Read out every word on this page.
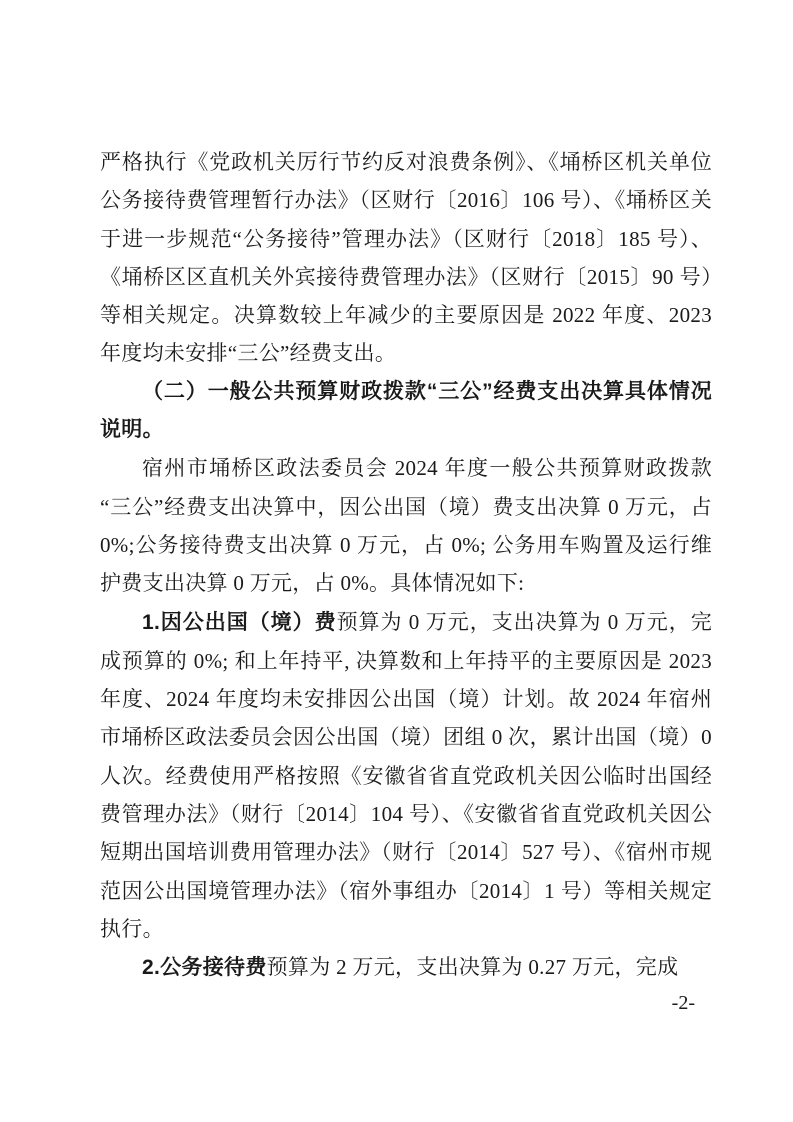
严格执行《党政机关厉行节约反对浪费条例》、《埇桥区机关单位公务接待费管理暂行办法》（区财行〔2016〕106 号）、《埇桥区关于进一步规范“公务接待”管理办法》（区财行〔2018〕185 号）、《埇桥区区直机关外宾接待费管理办法》（区财行〔2015〕90 号）等相关规定。决算数较上年减少的主要原因是 2022 年度、2023 年度均未安排“三公”经费支出。

（二）一般公共预算财政拨款“三公”经费支出决算具体情况说明。

宿州市埇桥区政法委员会 2024 年度一般公共预算财政拨款“三公”经费支出决算中，因公出国（境）费支出决算 0 万元，占 0%;公务接待费支出决算 0 万元，占 0%; 公务用车购置及运行维护费支出决算 0 万元，占 0%。具体情况如下:

1.因公出国（境）费预算为 0 万元，支出决算为 0 万元，完成预算的 0%; 和上年持平, 决算数和上年持平的主要原因是 2023 年度、2024 年度均未安排因公出国（境）计划。故 2024 年宿州市埇桥区政法委员会因公出国（境）团组 0 次，累计出国（境）0 人次。经费使用严格按照《安徽省省直党政机关因公临时出国经费管理办法》（财行〔2014〕104 号）、《安徽省省直党政机关因公短期出国培训费用管理办法》（财行〔2014〕527 号）、《宿州市规范因公出国境管理办法》（宿外事组办〔2014〕1 号）等相关规定执行。

2.公务接待费预算为 2 万元，支出决算为 0.27 万元，完成

-2-
